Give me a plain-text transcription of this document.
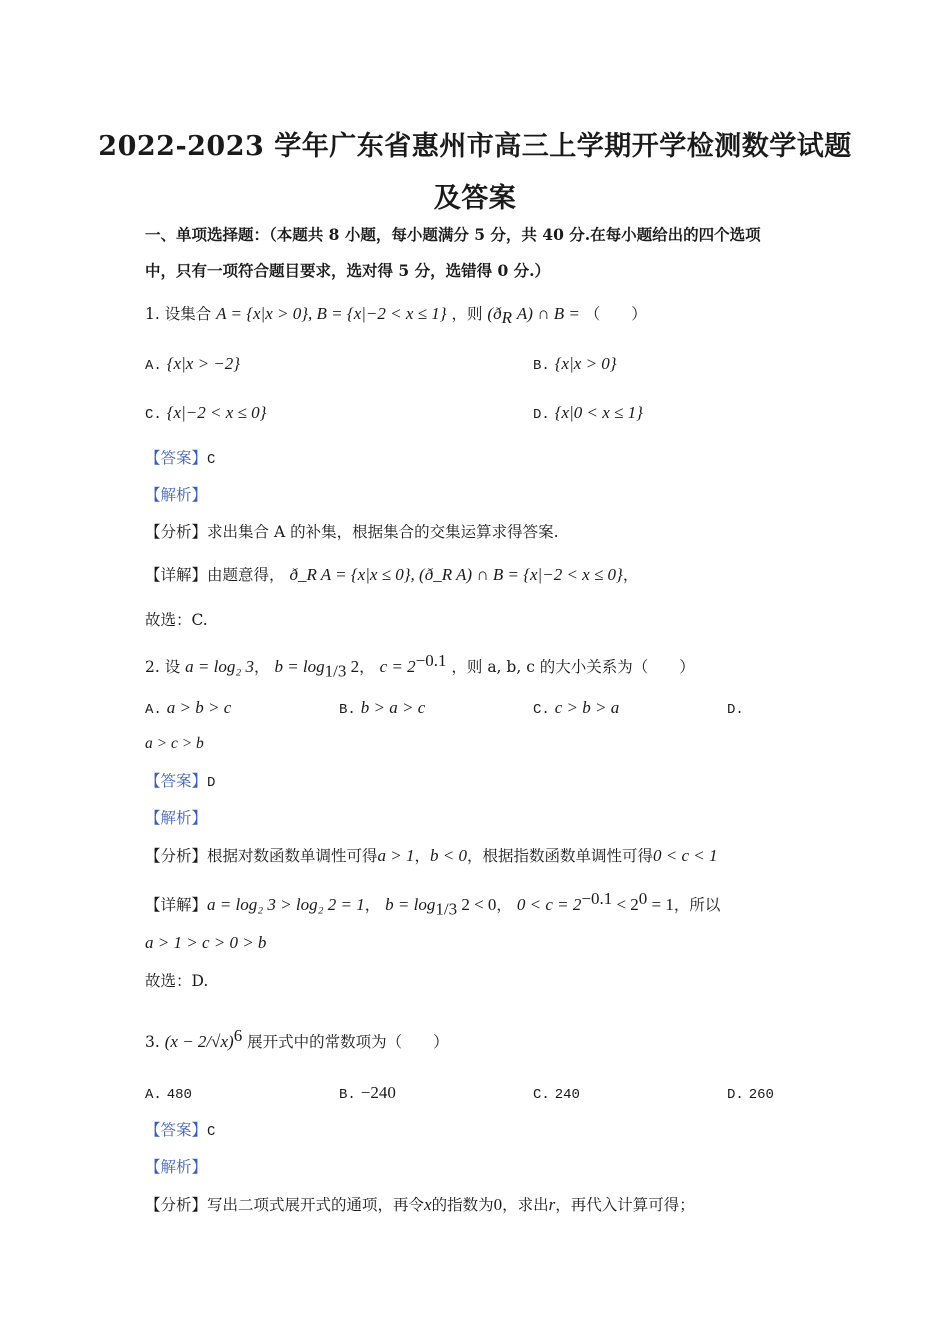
2022-2023 学年广东省惠州市高三上学期开学检测数学试题
及答案
一、单项选择题：（本题共 8 小题，每小题满分 5 分，共 40 分.在每小题给出的四个选项
中，只有一项符合题目要求，选对得 5 分，选错得 0 分.）
1. 设集合 A = {x|x > 0}, B = {x|−2 < x ≤ 1} ，则 ($ð_R$ A) ∩ B = （　　）
A. {x|x > −2}	B. {x|x > 0}
C. {x|−2 < x ≤ 0}	D. {x|0 < x ≤ 1}
【答案】C
【解析】
【分析】求出集合 A 的补集，根据集合的交集运算求得答案.
【详解】由题意得， ð_R A = {x|x ≤ 0}, (ð_R A) ∩ B = {x|−2 < x ≤ 0}，
故选：C.
2. 设 a = log₂ 3， $b = \log_{1/3} 2$， $c = 2^{-0.1}$ ，则 a, b, c 的大小关系为（　　）
A. a > b > c	B. b > a > c	C. c > b > a	D.
a > c > b
【答案】D
【解析】
【分析】根据对数函数单调性可得a > 1，b < 0，根据指数函数单调性可得0 < c < 1
【详解】a = log₂ 3 > log₂ 2 = 1， $b = \log_{1/3} 2 < 0$， $0 < c = 2^{-0.1} < 2^0 = 1$，所以
a > 1 > c > 0 > b
故选：D.
3. $(x - 2/√x)^6$ 展开式中的常数项为（　　）
A. 480	B. −240	C. 240	D. 260
【答案】C
【解析】
【分析】写出二项式展开式的通项，再令x的指数为0，求出r，再代入计算可得；
